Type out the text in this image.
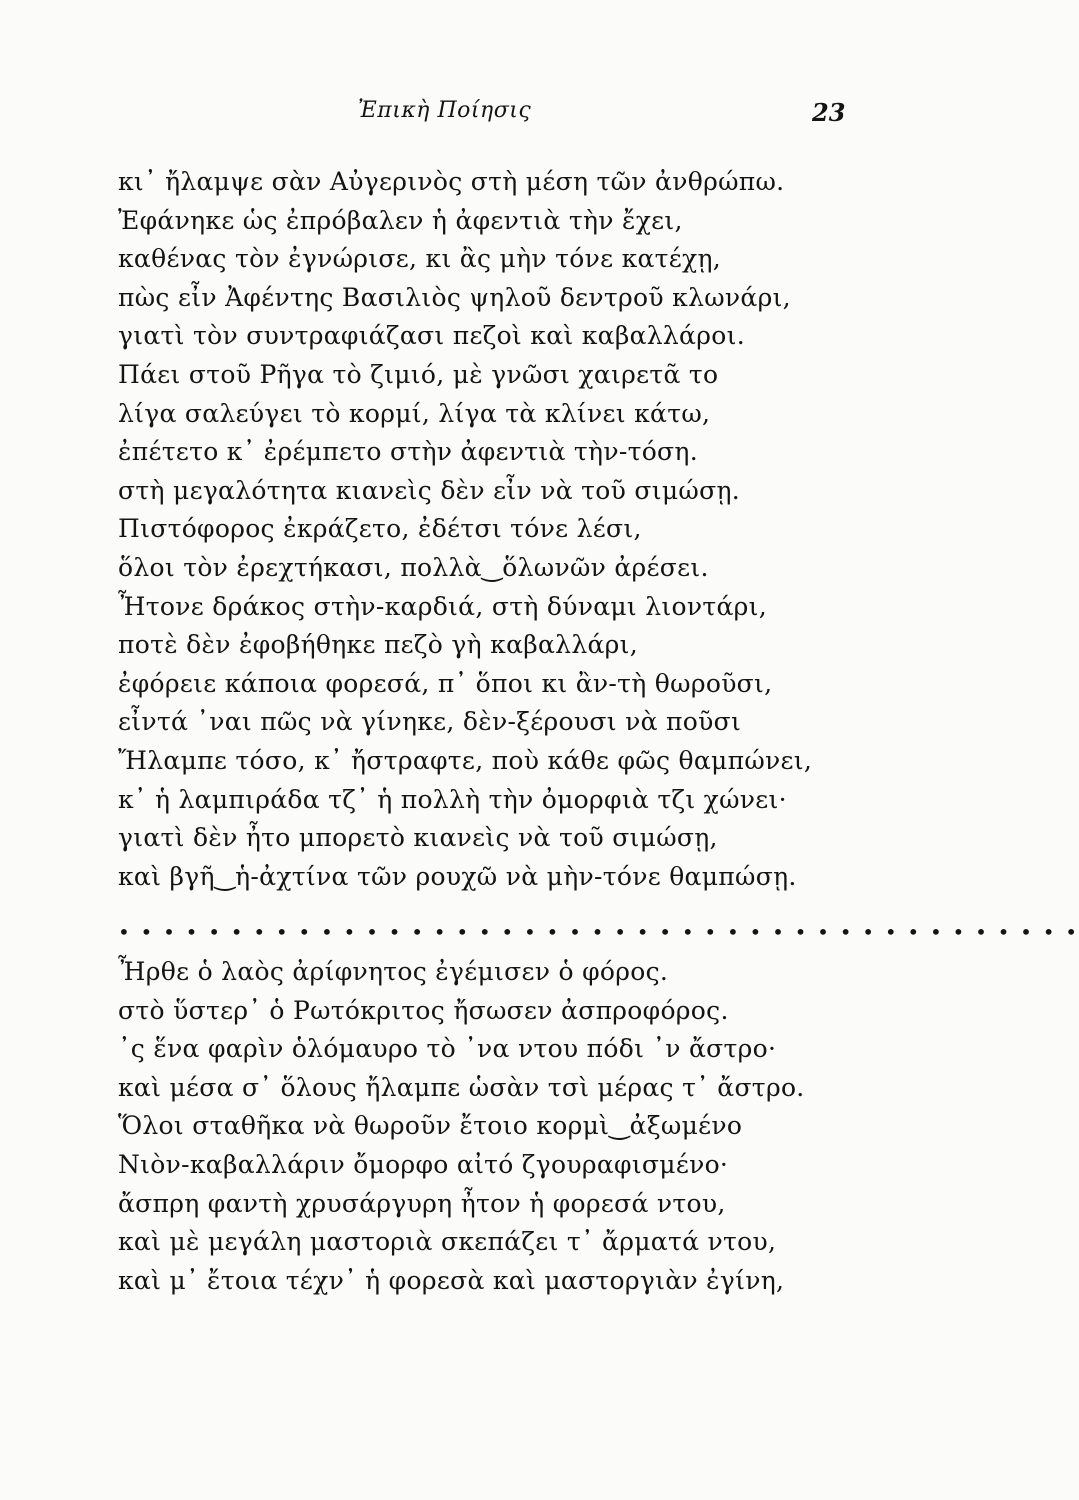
Ἐπικὴ Ποίησις	23
κι᾿ ἤλαμψε σὰν Αὐγερινὸς στὴ μέση τῶν ἀνθρώπω.
Ἐφάνηκε ὡς ἐπρόβαλεν ἡ ἀφεντιὰ τὴν ἔχει,
καθένας τὸν ἐγνώρισε, κι ἂς μὴν τόνε κατέχῃ,
πὼς εἶν Ἀφέντης Βασιλιὸς ψηλοῦ δεντροῦ κλωνάρι,
γιατὶ τὸν συντραφιάζασι πεζοὶ καὶ καβαλλάροι.
Πάει στοῦ Ρῆγα τὸ ζιμιό, μὲ γνῶσι χαιρετᾶ το
λίγα σαλεύγει τὸ κορμί, λίγα τὰ κλίνει κάτω,
ἐπέτετο κ᾿ ἐρέμπετο στὴν ἀφεντιὰ τὴν-τόση.
στὴ μεγαλότητα κιανεὶς δὲν εἶν νὰ τοῦ σιμώσῃ.
Πιστόφορος ἐκράζετο, ἐδέτσι τόνε λέσι,
ὅλοι τὸν ἐρεχτήκασι, πολλὰ‿ὅλωνῶν ἀρέσει.
Ἦτονε δράκος στὴν-καρδιά, στὴ δύναμι λιοντάρι,
ποτὲ δὲν ἐφοβήθηκε πεζὸ γὴ καβαλλάρι,
ἐφόρειε κάποια φορεσά, π᾿ ὅποι κι ἂν-τὴ θωροῦσι,
εἶντά ᾿ναι πῶς νὰ γίνηκε, δὲν-ξέρουσι νὰ ποῦσι
Ἤλαμπε τόσο, κ᾿ ἤστραφτε, ποὺ κάθε φῶς θαμπώνει,
κ᾿ ἡ λαμπιράδα τζ᾿ ἡ πολλὴ τὴν ὀμορφιὰ τζι χώνει·
γιατὶ δὲν ἦτο μπορετὸ κιανεὶς νὰ τοῦ σιμώσῃ,
καὶ βγῆ‿ἡ-ἀχτίνα τῶν ρουχῶ νὰ μὴν-τόνε θαμπώσῃ.
• • • • • • • • • • • • • • • • • • • • • • • • • • • • • • • • • • • • • • • • • • •
Ἦρθε ὁ λαὸς ἀρίφνητος ἐγέμισεν ὁ φόρος.
στὸ ὕστερ᾿ ὁ Ρωτόκριτος ἤσωσεν ἀσπροφόρος.
᾿ς ἕνα φαρὶν ὁλόμαυρο τὸ ᾿να ντου πόδι ᾿ν ἄστρο·
καὶ μέσα σ᾿ ὅλους ἤλαμπε ὡσὰν τσὶ μέρας τ᾿ ἄστρο.
Ὅλοι σταθῆκα νὰ θωροῦν ἔτοιο κορμὶ‿ἀξωμένο
Νιὸν-καβαλλάριν ὄμορφο αἰτό ζγουραφισμένο·
ἄσπρη φαντὴ χρυσάργυρη ἦτον ἡ φορεσά ντου,
καὶ μὲ μεγάλη μαστοριὰ σκεπάζει τ᾿ ἄρματά ντου,
καὶ μ᾿ ἔτοια τέχν᾿ ἡ φορεσὰ καὶ μαστοργιὰν ἐγίνη,
